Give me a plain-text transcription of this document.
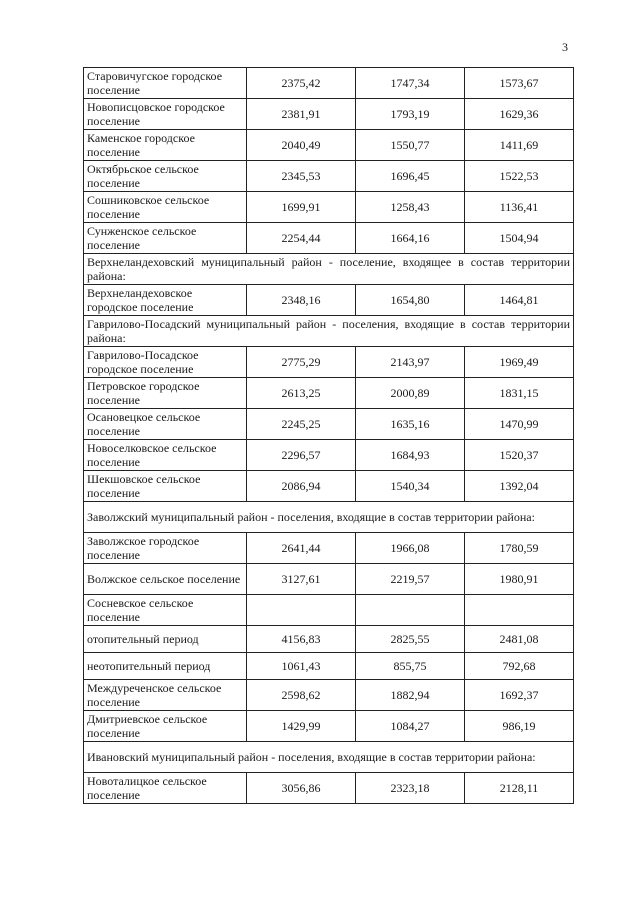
3
Старовичугское городское поселение	2375,42	1747,34	1573,67
Новописцовское городское поселение	2381,91	1793,19	1629,36
Каменское городское поселение	2040,49	1550,77	1411,69
Октябрьское сельское поселение	2345,53	1696,45	1522,53
Сошниковское сельское поселение	1699,91	1258,43	1136,41
Сунженское сельское поселение	2254,44	1664,16	1504,94
Верхнеландеховский муниципальный район - поселение, входящее в состав территории района:			
Верхнеландеховское городское поселение	2348,16	1654,80	1464,81
Гаврилово-Посадский муниципальный район - поселения, входящие в состав территории района:			
Гаврилово-Посадское городское поселение	2775,29	2143,97	1969,49
Петровское городское поселение	2613,25	2000,89	1831,15
Осановецкое сельское поселение	2245,25	1635,16	1470,99
Новоселковское сельское поселение	2296,57	1684,93	1520,37
Шекшовское сельское поселение	2086,94	1540,34	1392,04
Заволжский муниципальный район - поселения, входящие в состав территории района:			
Заволжское городское поселение	2641,44	1966,08	1780,59
Волжское сельское поселение	3127,61	2219,57	1980,91
Сосневское сельское поселение			
отопительный период	4156,83	2825,55	2481,08
неотопительный период	1061,43	855,75	792,68
Междуреченское сельское поселение	2598,62	1882,94	1692,37
Дмитриевское сельское поселение	1429,99	1084,27	986,19
Ивановский муниципальный район - поселения, входящие в состав территории района:			
Новоталицкое сельское поселение	3056,86	2323,18	2128,11
